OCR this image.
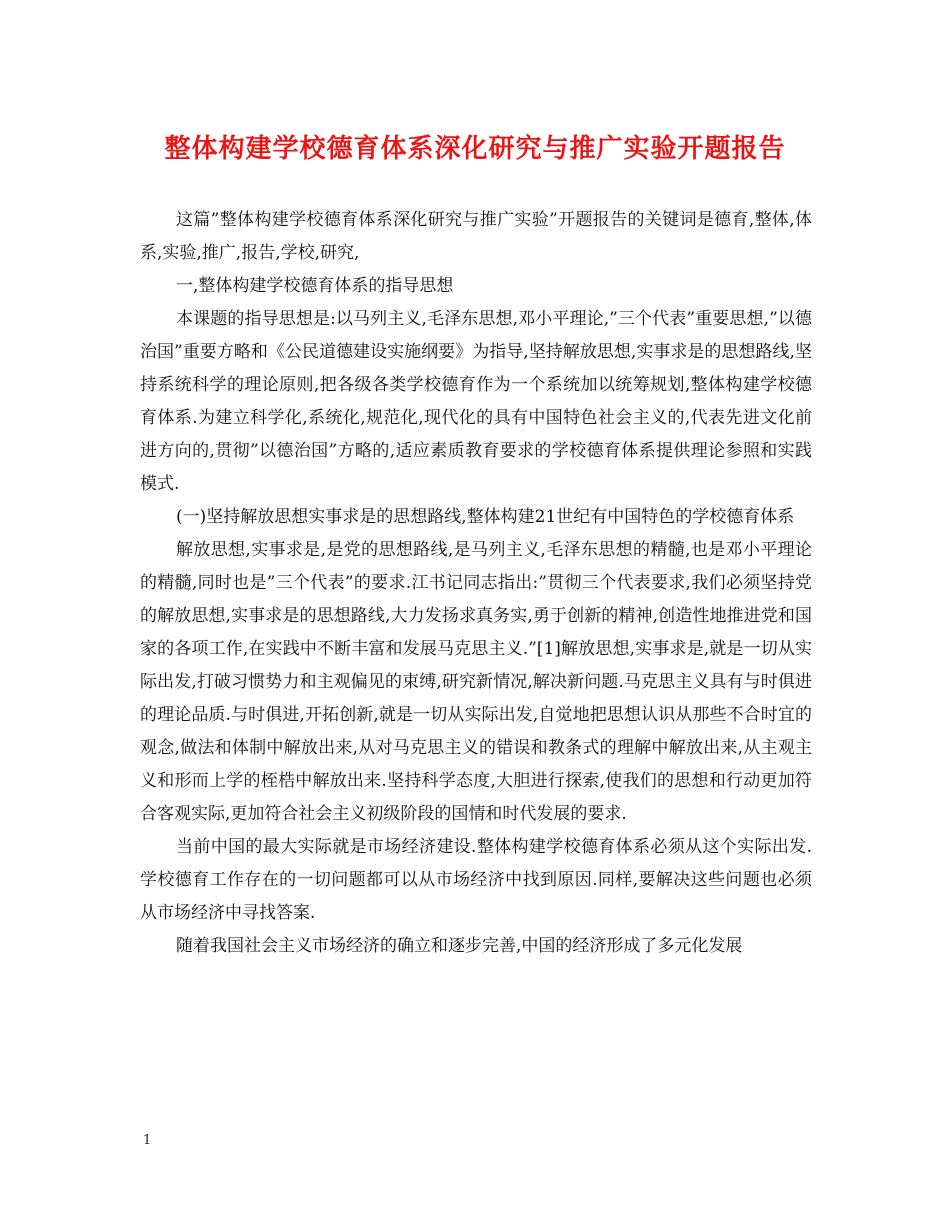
整体构建学校德育体系深化研究与推广实验开题报告

这篇”整体构建学校德育体系深化研究与推广实验”开题报告的关键词是德育,整体,体系,实验,推广,报告,学校,研究,

一,整体构建学校德育体系的指导思想

本课题的指导思想是:以马列主义,毛泽东思想,邓小平理论,”三个代表”重要思想,”以德治国”重要方略和《公民道德建设实施纲要》为指导,坚持解放思想,实事求是的思想路线,坚持系统科学的理论原则,把各级各类学校德育作为一个系统加以统筹规划,整体构建学校德育体系.为建立科学化,系统化,规范化,现代化的具有中国特色社会主义的,代表先进文化前进方向的,贯彻”以德治国”方略的,适应素质教育要求的学校德育体系提供理论参照和实践模式.

(一)坚持解放思想实事求是的思想路线,整体构建21世纪有中国特色的学校德育体系

解放思想,实事求是,是党的思想路线,是马列主义,毛泽东思想的精髓,也是邓小平理论的精髓,同时也是”三个代表”的要求.江书记同志指出:”贯彻三个代表要求,我们必须坚持党的解放思想,实事求是的思想路线,大力发扬求真务实,勇于创新的精神,创造性地推进党和国家的各项工作,在实践中不断丰富和发展马克思主义.”[1]解放思想,实事求是,就是一切从实际出发,打破习惯势力和主观偏见的束缚,研究新情况,解决新问题.马克思主义具有与时俱进的理论品质.与时俱进,开拓创新,就是一切从实际出发,自觉地把思想认识从那些不合时宜的观念,做法和体制中解放出来,从对马克思主义的错误和教条式的理解中解放出来,从主观主义和形而上学的桎梏中解放出来.坚持科学态度,大胆进行探索,使我们的思想和行动更加符合客观实际,更加符合社会主义初级阶段的国情和时代发展的要求.

当前中国的最大实际就是市场经济建设.整体构建学校德育体系必须从这个实际出发.学校德育工作存在的一切问题都可以从市场经济中找到原因.同样,要解决这些问题也必须从市场经济中寻找答案.

随着我国社会主义市场经济的确立和逐步完善,中国的经济形成了多元化发展

1
